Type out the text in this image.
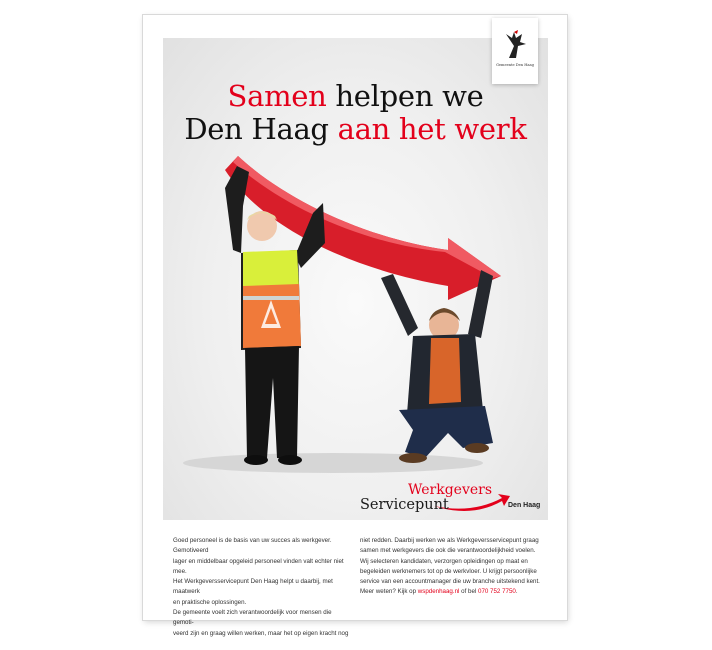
Samen helpen we
Den Haag aan het werk
Gemeente Den Haag
Werkgevers
Servicepunt	Den Haag
Goed personeel is de basis van uw succes als werkgever. Gemotiveerd
lager en middelbaar opgeleid personeel vinden valt echter niet mee.
Het Werkgeversservicepunt Den Haag helpt u daarbij, met maatwerk
en praktische oplossingen.
De gemeente voelt zich verantwoordelijk voor mensen die gemoti-
veerd zijn en graag willen werken, maar het op eigen kracht nog
niet redden. Daarbij werken we als Werkgeversservicepunt graag
samen met werkgevers die ook die verantwoordelijkheid voelen.
Wij selecteren kandidaten, verzorgen opleidingen op maat en
begeleiden werknemers tot op de werkvloer. U krijgt persoonlijke
service van een accountmanager die uw branche uitstekend kent.
Meer weten? Kijk op wspdenhaag.nl of bel 070 752 7750.
